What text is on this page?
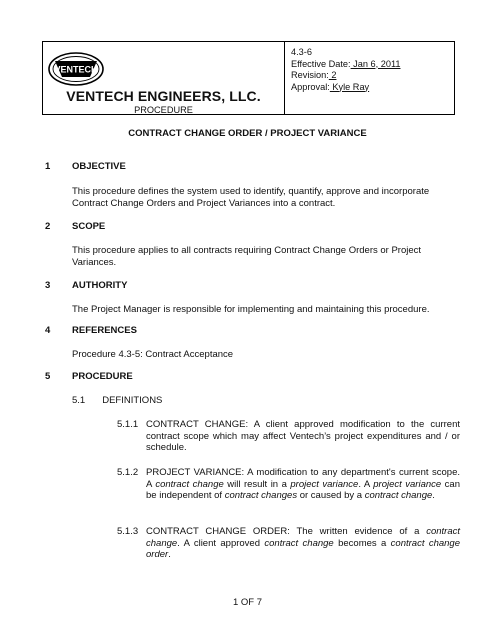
VENTECH
VENTECH ENGINEERS, LLC.
PROCEDURE
4.3-6
Effective Date: Jan 6, 2011
Revision: 2
Approval: Kyle Ray
CONTRACT CHANGE ORDER / PROJECT VARIANCE
1 OBJECTIVE
This procedure defines the system used to identify, quantify, approve and incorporate Contract Change Orders and Project Variances into a contract.
2 SCOPE
This procedure applies to all contracts requiring Contract Change Orders or Project Variances.
3 AUTHORITY
The Project Manager is responsible for implementing and maintaining this procedure.
4 REFERENCES
Procedure 4.3-5: Contract Acceptance
5 PROCEDURE
5.1 DEFINITIONS
5.1.1 CONTRACT CHANGE: A client approved modification to the current contract scope which may affect Ventech’s project expenditures and / or schedule.
5.1.2 PROJECT VARIANCE: A modification to any department's current scope. A contract change will result in a project variance. A project variance can be independent of contract changes or caused by a contract change.
5.1.3 CONTRACT CHANGE ORDER: The written evidence of a contract change. A client approved contract change becomes a contract change order.
1 OF 7
